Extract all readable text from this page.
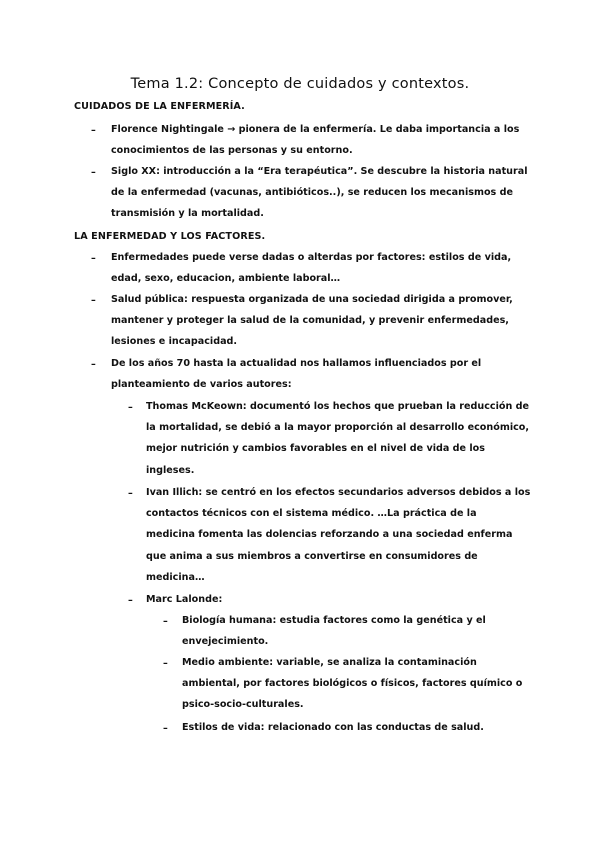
Tema 1.2: Concepto de cuidados y contextos.
CUIDADOS DE LA ENFERMERÍA.
– Florence Nightingale → pionera de la enfermería. Le daba importancia a los
conocimientos de las personas y su entorno.
– Siglo XX: introducción a la “Era terapéutica”. Se descubre la historia natural
de la enfermedad (vacunas, antibióticos..), se reducen los mecanismos de
transmisión y la mortalidad.
LA ENFERMEDAD Y LOS FACTORES.
– Enfermedades puede verse dadas o alterdas por factores: estilos de vida,
edad, sexo, educacion, ambiente laboral…
– Salud pública: respuesta organizada de una sociedad dirigida a promover,
mantener y proteger la salud de la comunidad, y prevenir enfermedades,
lesiones e incapacidad.
– De los años 70 hasta la actualidad nos hallamos influenciados por el
planteamiento de varios autores:
– Thomas McKeown: documentó los hechos que prueban la reducción de
la mortalidad, se debió a la mayor proporción al desarrollo económico,
mejor nutrición y cambios favorables en el nivel de vida de los
ingleses.
– Ivan Illich: se centró en los efectos secundarios adversos debidos a los
contactos técnicos con el sistema médico. …La práctica de la
medicina fomenta las dolencias reforzando a una sociedad enferma
que anima a sus miembros a convertirse en consumidores de
medicina…
– Marc Lalonde:
– Biología humana: estudia factores como la genética y el
envejecimiento.
– Medio ambiente: variable, se analiza la contaminación
ambiental, por factores biológicos o físicos, factores químico o
psico-socio-culturales.
– Estilos de vida: relacionado con las conductas de salud.
